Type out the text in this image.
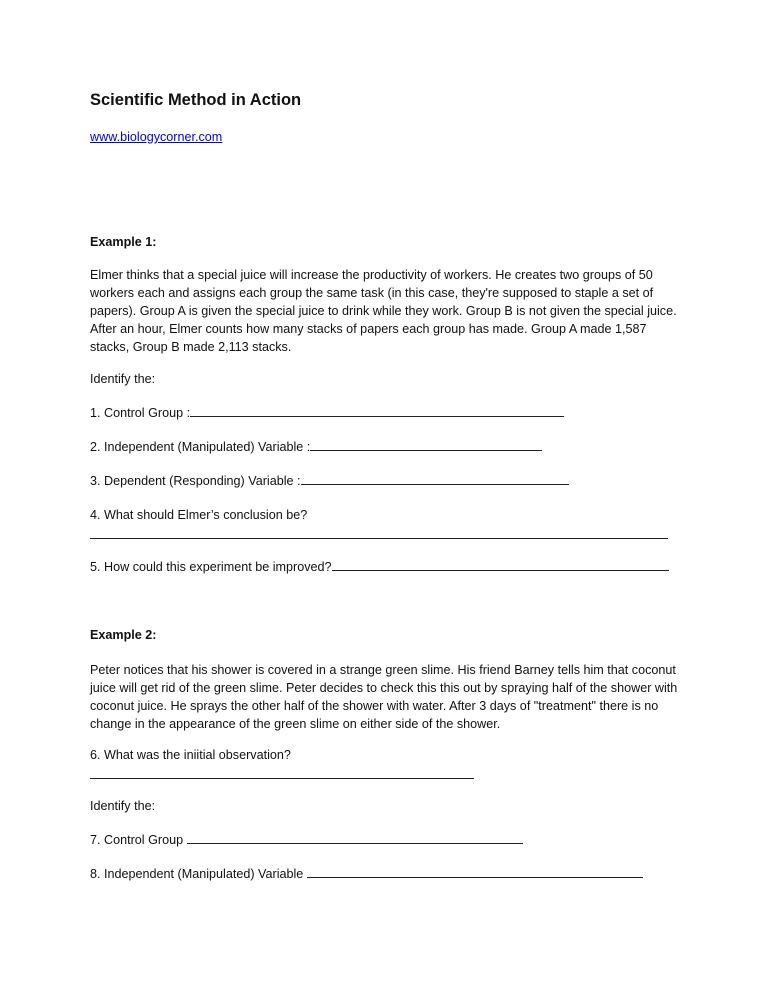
Scientific Method in Action
www.biologycorner.com

Example 1:

Elmer thinks that a special juice will increase the productivity of workers. He creates two groups of 50 workers each and assigns each group the same task (in this case, they're supposed to staple a set of papers). Group A is given the special juice to drink while they work. Group B is not given the special juice. After an hour, Elmer counts how many stacks of papers each group has made. Group A made 1,587 stacks, Group B made 2,113 stacks.

Identify the:

1. Control Group :

2. Independent (Manipulated) Variable :

3. Dependent (Responding) Variable :

4. What should Elmer’s conclusion be?

5. How could this experiment be improved?

Example 2:

Peter notices that his shower is covered in a strange green slime. His friend Barney tells him that coconut juice will get rid of the green slime. Peter decides to check this this out by spraying half of the shower with coconut juice. He sprays the other half of the shower with water. After 3 days of "treatment" there is no change in the appearance of the green slime on either side of the shower.

6. What was the iniitial observation?

Identify the:

7. Control Group

8. Independent (Manipulated) Variable
